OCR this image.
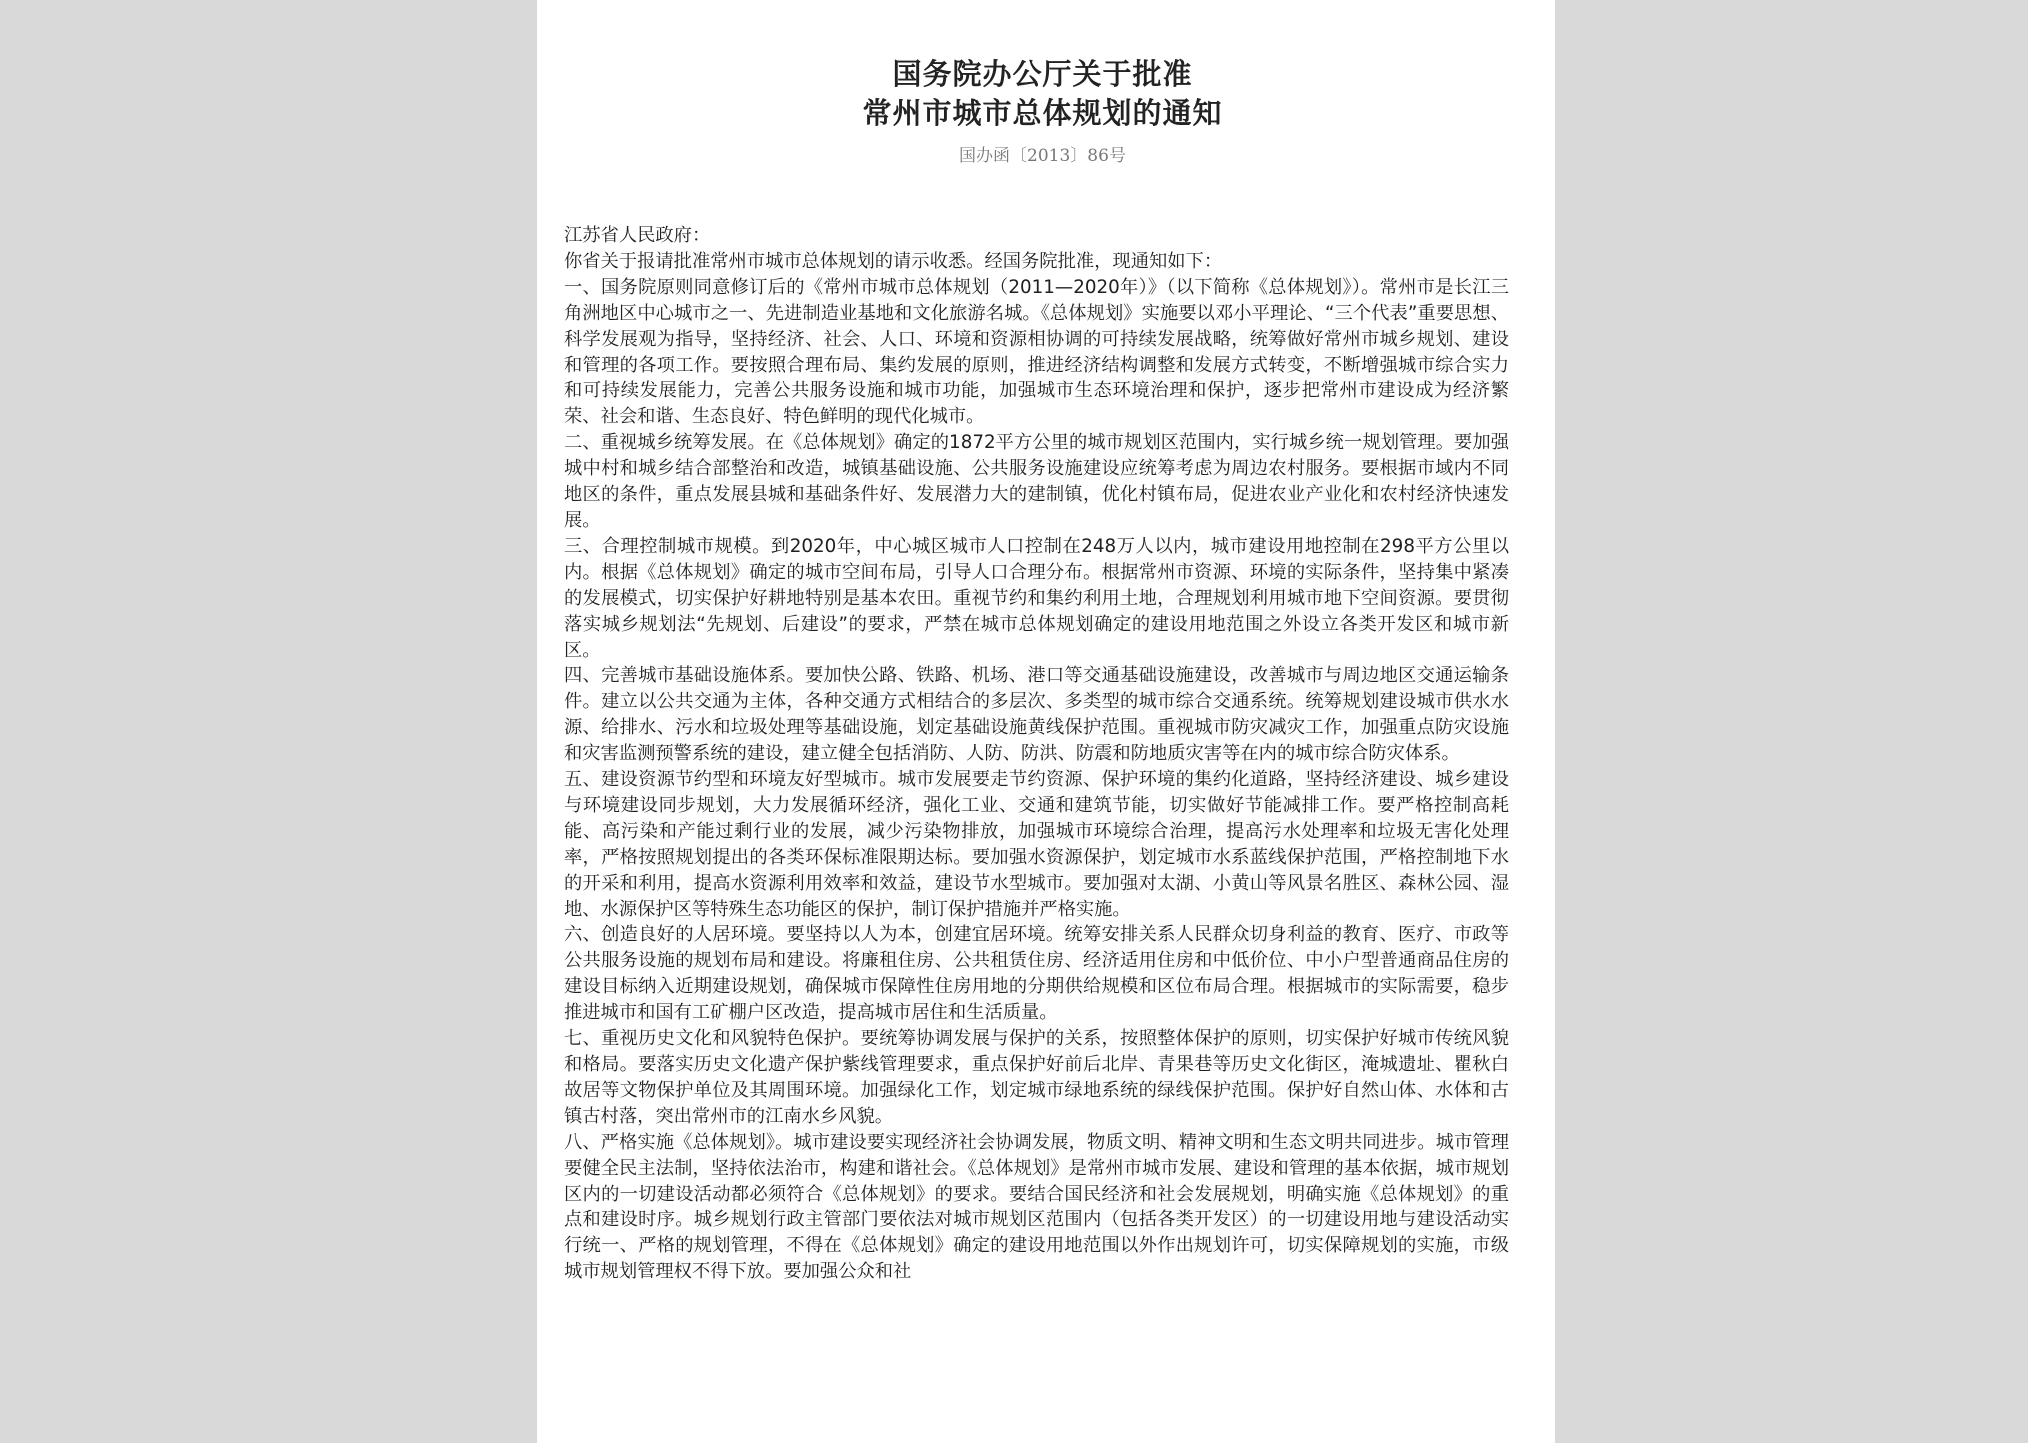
国务院办公厅关于批准
常州市城市总体规划的通知
国办函〔2013〕86号

江苏省人民政府：

你省关于报请批准常州市城市总体规划的请示收悉。经国务院批准，现通知如下：

一、国务院原则同意修订后的《常州市城市总体规划（2011—2020年）》（以下简称《总体规划》）。常州市是长江三角洲地区中心城市之一、先进制造业基地和文化旅游名城。《总体规划》实施要以邓小平理论、“三个代表”重要思想、科学发展观为指导，坚持经济、社会、人口、环境和资源相协调的可持续发展战略，统筹做好常州市城乡规划、建设和管理的各项工作。要按照合理布局、集约发展的原则，推进经济结构调整和发展方式转变，不断增强城市综合实力和可持续发展能力，完善公共服务设施和城市功能，加强城市生态环境治理和保护，逐步把常州市建设成为经济繁荣、社会和谐、生态良好、特色鲜明的现代化城市。

二、重视城乡统筹发展。在《总体规划》确定的1872平方公里的城市规划区范围内，实行城乡统一规划管理。要加强城中村和城乡结合部整治和改造，城镇基础设施、公共服务设施建设应统筹考虑为周边农村服务。要根据市域内不同地区的条件，重点发展县城和基础条件好、发展潜力大的建制镇，优化村镇布局，促进农业产业化和农村经济快速发展。

三、合理控制城市规模。到2020年，中心城区城市人口控制在248万人以内，城市建设用地控制在298平方公里以内。根据《总体规划》确定的城市空间布局，引导人口合理分布。根据常州市资源、环境的实际条件，坚持集中紧凑的发展模式，切实保护好耕地特别是基本农田。重视节约和集约利用土地，合理规划利用城市地下空间资源。要贯彻落实城乡规划法“先规划、后建设”的要求，严禁在城市总体规划确定的建设用地范围之外设立各类开发区和城市新区。

四、完善城市基础设施体系。要加快公路、铁路、机场、港口等交通基础设施建设，改善城市与周边地区交通运输条件。建立以公共交通为主体，各种交通方式相结合的多层次、多类型的城市综合交通系统。统筹规划建设城市供水水源、给排水、污水和垃圾处理等基础设施，划定基础设施黄线保护范围。重视城市防灾减灾工作，加强重点防灾设施和灾害监测预警系统的建设，建立健全包括消防、人防、防洪、防震和防地质灾害等在内的城市综合防灾体系。

五、建设资源节约型和环境友好型城市。城市发展要走节约资源、保护环境的集约化道路，坚持经济建设、城乡建设与环境建设同步规划，大力发展循环经济，强化工业、交通和建筑节能，切实做好节能减排工作。要严格控制高耗能、高污染和产能过剩行业的发展，减少污染物排放，加强城市环境综合治理，提高污水处理率和垃圾无害化处理率，严格按照规划提出的各类环保标准限期达标。要加强水资源保护，划定城市水系蓝线保护范围，严格控制地下水的开采和利用，提高水资源利用效率和效益，建设节水型城市。要加强对太湖、小黄山等风景名胜区、森林公园、湿地、水源保护区等特殊生态功能区的保护，制订保护措施并严格实施。

六、创造良好的人居环境。要坚持以人为本，创建宜居环境。统筹安排关系人民群众切身利益的教育、医疗、市政等公共服务设施的规划布局和建设。将廉租住房、公共租赁住房、经济适用住房和中低价位、中小户型普通商品住房的建设目标纳入近期建设规划，确保城市保障性住房用地的分期供给规模和区位布局合理。根据城市的实际需要，稳步推进城市和国有工矿棚户区改造，提高城市居住和生活质量。

七、重视历史文化和风貌特色保护。要统筹协调发展与保护的关系，按照整体保护的原则，切实保护好城市传统风貌和格局。要落实历史文化遗产保护紫线管理要求，重点保护好前后北岸、青果巷等历史文化街区，淹城遗址、瞿秋白故居等文物保护单位及其周围环境。加强绿化工作，划定城市绿地系统的绿线保护范围。保护好自然山体、水体和古镇古村落，突出常州市的江南水乡风貌。

八、严格实施《总体规划》。城市建设要实现经济社会协调发展，物质文明、精神文明和生态文明共同进步。城市管理要健全民主法制，坚持依法治市，构建和谐社会。《总体规划》是常州市城市发展、建设和管理的基本依据，城市规划区内的一切建设活动都必须符合《总体规划》的要求。要结合国民经济和社会发展规划，明确实施《总体规划》的重点和建设时序。城乡规划行政主管部门要依法对城市规划区范围内（包括各类开发区）的一切建设用地与建设活动实行统一、严格的规划管理，不得在《总体规划》确定的建设用地范围以外作出规划许可，切实保障规划的实施，市级城市规划管理权不得下放。要加强公众和社
